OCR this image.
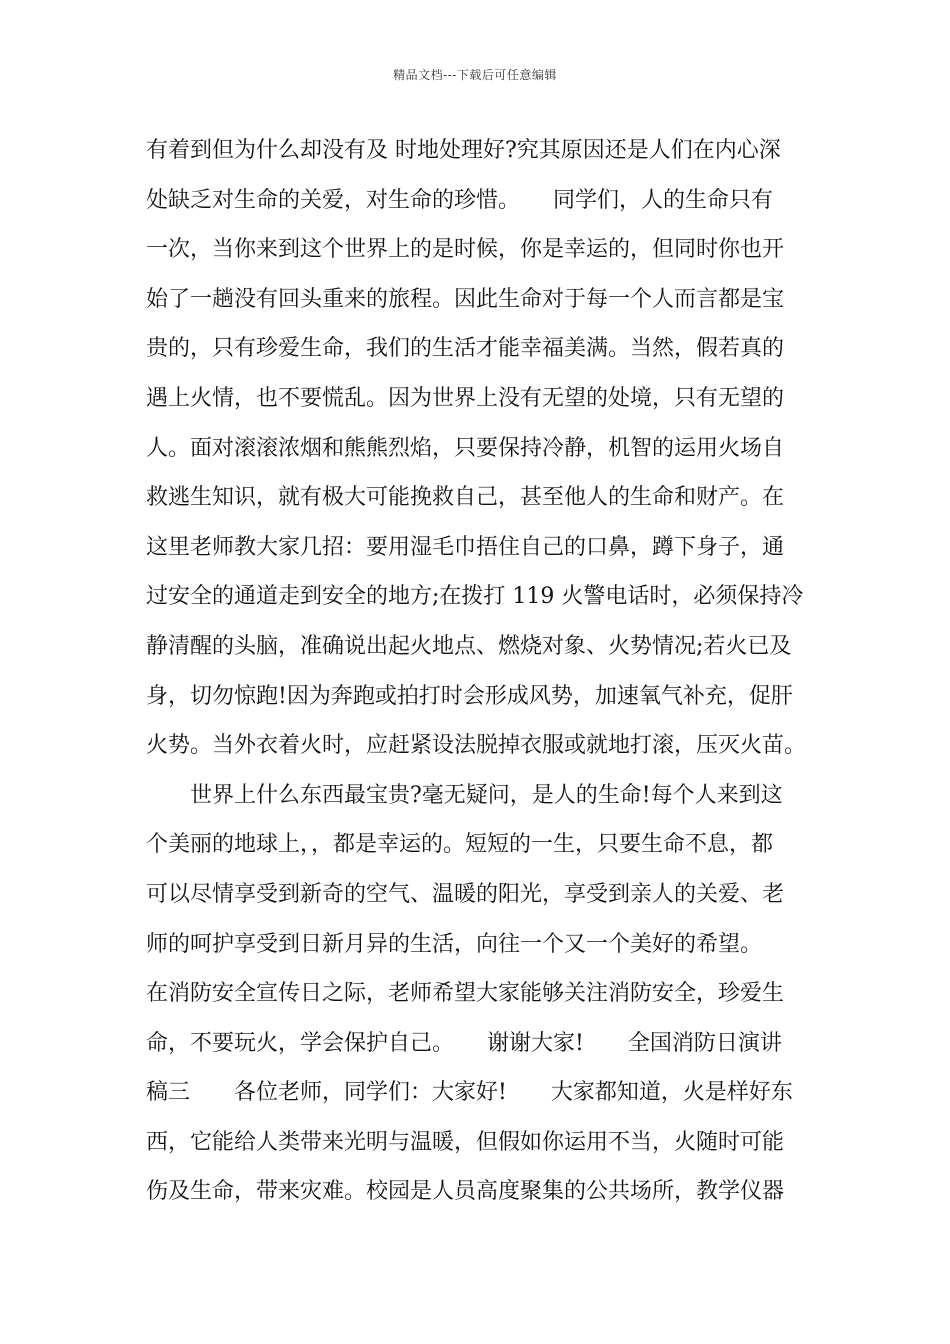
精品文档---下载后可任意编辑
有着到但为什么却没有及 时地处理好?究其原因还是人们在内心深
处缺乏对生命的关爱，对生命的珍惜。　　同学们，人的生命只有
一次，当你来到这个世界上的是时候，你是幸运的，但同时你也开
始了一趟没有回头重来的旅程。因此生命对于每一个人而言都是宝
贵的，只有珍爱生命，我们的生活才能幸福美满。当然，假若真的
遇上火情，也不要慌乱。因为世界上没有无望的处境，只有无望的
人。面对滚滚浓烟和熊熊烈焰，只要保持冷静，机智的运用火场自
救逃生知识，就有极大可能挽救自己，甚至他人的生命和财产。在
这里老师教大家几招：要用湿毛巾捂住自己的口鼻，蹲下身子，通
过安全的通道走到安全的地方;在拨打 119 火警电话时，必须保持冷
静清醒的头脑，准确说出起火地点、燃烧对象、火势情况;若火已及
身，切勿惊跑!因为奔跑或拍打时会形成风势，加速氧气补充，促肝
火势。当外衣着火时，应赶紧设法脱掉衣服或就地打滚，压灭火苗。
　　世界上什么东西最宝贵?毫无疑问，是人的生命!每个人来到这
个美丽的地球上，，都是幸运的。短短的一生，只要生命不息，都
可以尽情享受到新奇的空气、温暖的阳光，享受到亲人的关爱、老
师的呵护享受到日新月异的生活，向往一个又一个美好的希望。
在消防安全宣传日之际，老师希望大家能够关注消防安全，珍爱生
命，不要玩火，学会保护自己。　　谢谢大家!　　全国消防日演讲
稿三　　各位老师，同学们：大家好!　　大家都知道，火是样好东
西，它能给人类带来光明与温暖，但假如你运用不当，火随时可能
伤及生命，带来灾难。校园是人员高度聚集的公共场所，教学仪器
